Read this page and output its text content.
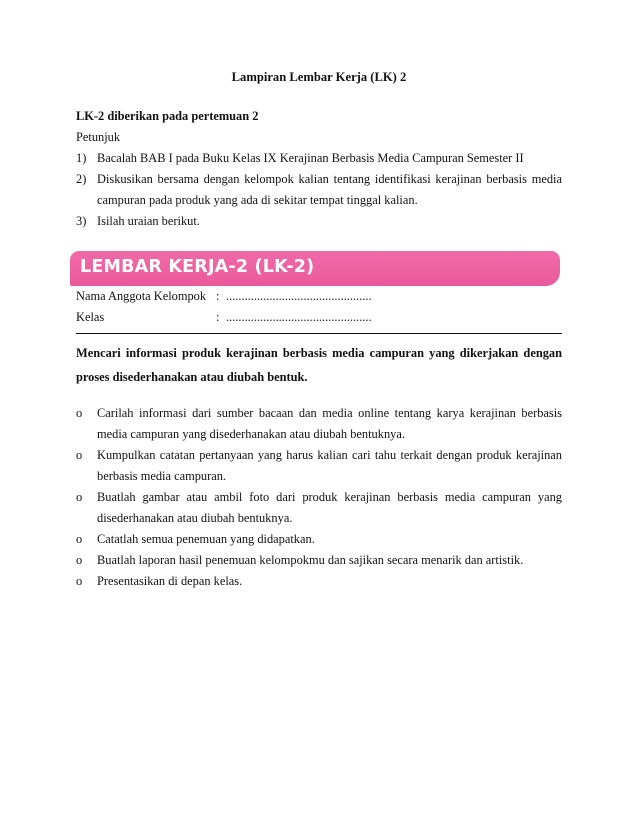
Lampiran Lembar Kerja (LK) 2
LK-2 diberikan pada pertemuan 2
Petunjuk
1) Bacalah BAB I pada Buku Kelas IX Kerajinan Berbasis Media Campuran Semester II
2) Diskusikan bersama dengan kelompok kalian tentang identifikasi kerajinan berbasis media
campuran pada produk yang ada di sekitar tempat tinggal kalian.
3) Isilah uraian berikut.
LEMBAR KERJA-2 (LK-2)
Nama Anggota Kelompok : ...............................................
Kelas	: ...............................................
Mencari informasi produk kerajinan berbasis media campuran yang dikerjakan dengan
proses disederhanakan atau diubah bentuk.
o	Carilah informasi dari sumber bacaan dan media online tentang karya kerajinan berbasis
media campuran yang disederhanakan atau diubah bentuknya.
o	Kumpulkan catatan pertanyaan yang harus kalian cari tahu terkait dengan produk kerajinan
berbasis media campuran.
o	Buatlah gambar atau ambil foto dari produk kerajinan berbasis media campuran yang
disederhanakan atau diubah bentuknya.
o	Catatlah semua penemuan yang didapatkan.
o	Buatlah laporan hasil penemuan kelompokmu dan sajikan secara menarik dan artistik.
o	Presentasikan di depan kelas.
